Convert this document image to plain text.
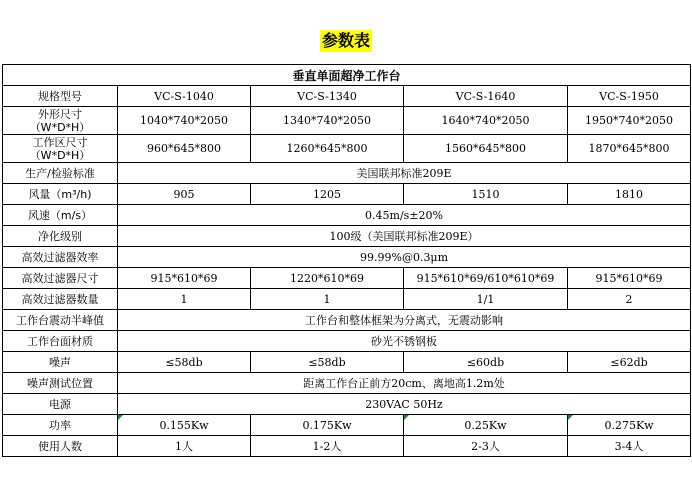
参数表
垂直单面超净工作台				
规格型号	VC-S-1040	VC-S-1340	VC-S-1640	VC-S-1950

外形尺寸
（W*D*H）	1040*740*2050	1340*740*2050	1640*740*2050	1950*740*2050

工作区尺寸
（W*D*H）	960*645*800	1260*645*800	1560*645*800	1870*645*800
生产/检验标准	美国联邦标准209E			
风量（m³/h)	905	1205	1510	1810
风速（m/s）	0.45m/s±20%			
净化级别	100级（美国联邦标准209E）			
高效过滤器效率	99.99%@0.3μm			
高效过滤器尺寸	915*610*69	1220*610*69	915*610*69/610*610*69	915*610*69
高效过滤器数量	1	1	1/1	2
工作台震动半峰值	工作台和整体框架为分离式，无震动影响			
工作台面材质	砂光不锈钢板			
噪声	≤58db	≤58db	≤60db	≤62db
噪声测试位置	距离工作台正前方20cm、离地高1.2m处			
电源	230VAC 50Hz			
功率	0.155Kw	0.175Kw	0.25Kw	0.275Kw
使用人数	1人	1-2人	2-3人	3-4人
